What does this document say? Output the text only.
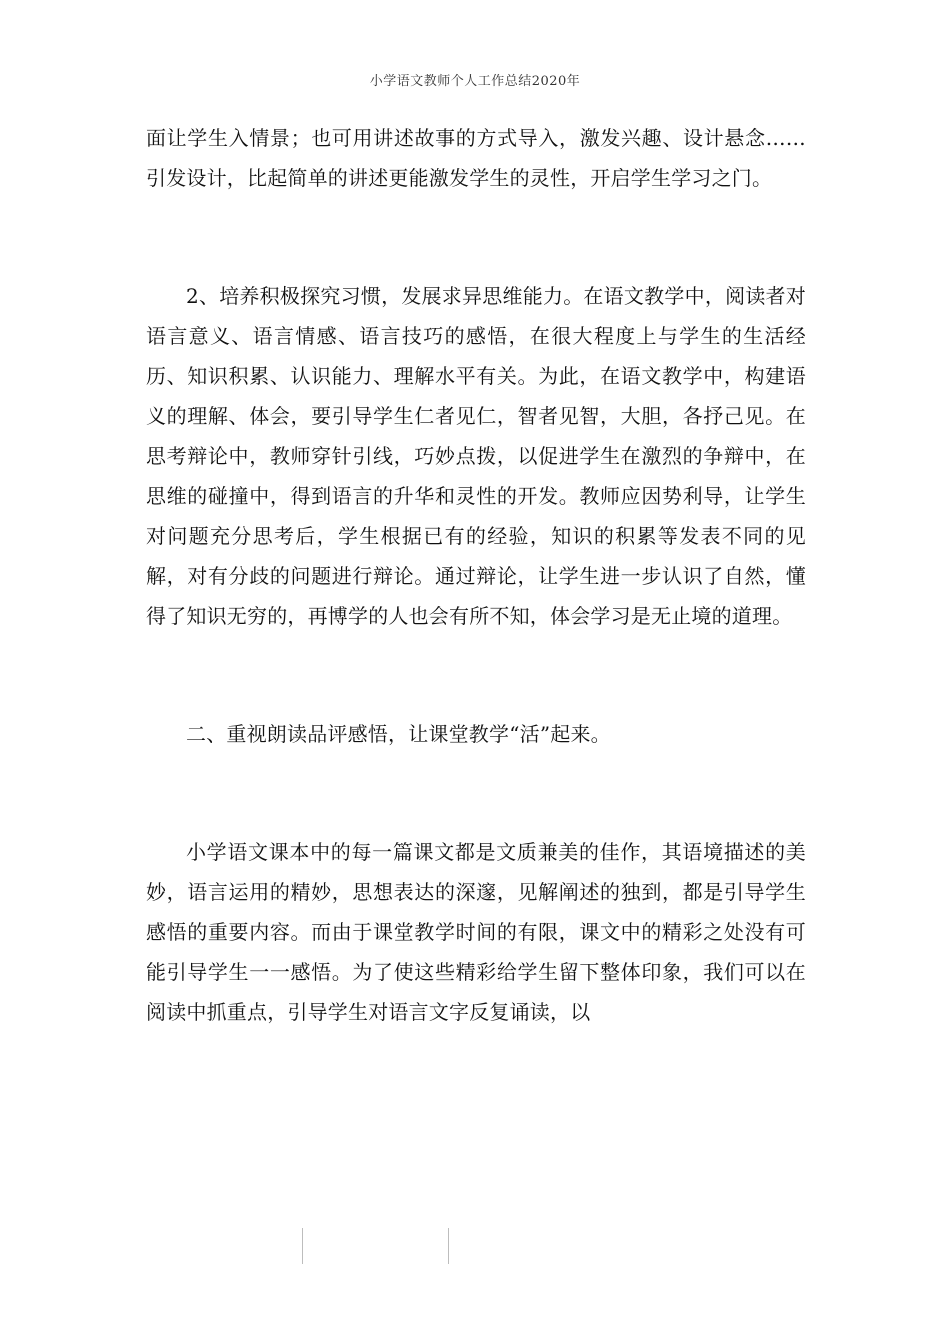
小学语文教师个人工作总结2020年

面让学生入情景；也可用讲述故事的方式导入，激发兴趣、设计悬念……引发设计，比起简单的讲述更能激发学生的灵性，开启学生学习之门。

2、培养积极探究习惯，发展求异思维能力。在语文教学中，阅读者对语言意义、语言情感、语言技巧的感悟，在很大程度上与学生的生活经历、知识积累、认识能力、理解水平有关。为此，在语文教学中，构建语义的理解、体会，要引导学生仁者见仁，智者见智，大胆，各抒己见。在思考辩论中，教师穿针引线，巧妙点拨，以促进学生在激烈的争辩中，在思维的碰撞中，得到语言的升华和灵性的开发。教师应因势利导，让学生对问题充分思考后，学生根据已有的经验，知识的积累等发表不同的见解，对有分歧的问题进行辩论。通过辩论，让学生进一步认识了自然，懂得了知识无穷的，再博学的人也会有所不知，体会学习是无止境的道理。

二、重视朗读品评感悟，让课堂教学“活”起来。

小学语文课本中的每一篇课文都是文质兼美的佳作，其语境描述的美妙，语言运用的精妙，思想表达的深邃，见解阐述的独到，都是引导学生感悟的重要内容。而由于课堂教学时间的有限，课文中的精彩之处没有可能引导学生一一感悟。为了使这些精彩给学生留下整体印象，我们可以在阅读中抓重点，引导学生对语言文字反复诵读，以
